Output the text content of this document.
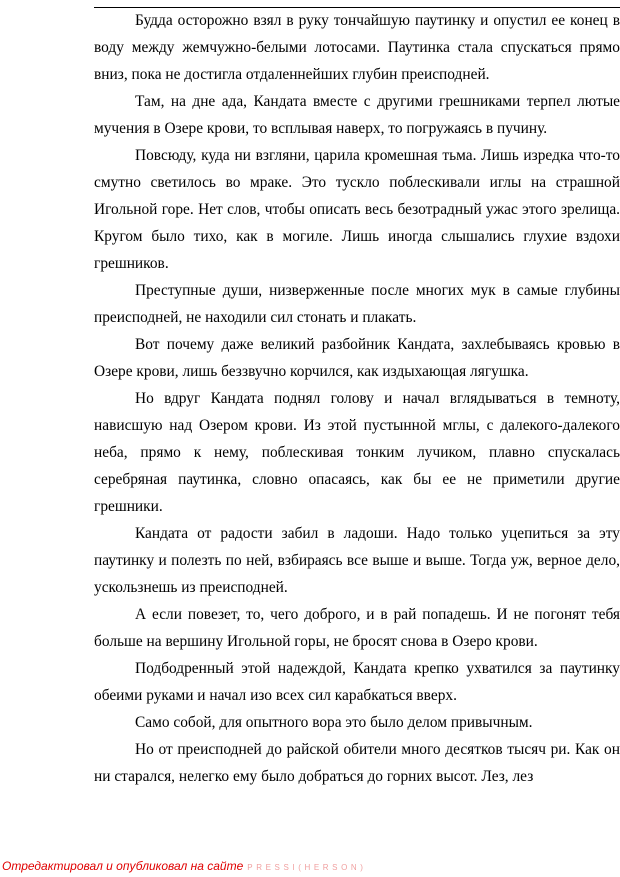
Будда осторожно взял в руку тончайшую паутинку и опустил ее конец в воду между жемчужно-белыми лотосами. Паутинка стала спускаться прямо вниз, пока не достигла отдаленнейших глубин преисподней.

Там, на дне ада, Кандата вместе с другими грешниками терпел лютые мучения в Озере крови, то всплывая наверх, то погружаясь в пучину.

Повсюду, куда ни взгляни, царила кромешная тьма. Лишь изредка что-то смутно светилось во мраке. Это тускло поблескивали иглы на страшной Игольной горе. Нет слов, чтобы описать весь безотрадный ужас этого зрелища. Кругом было тихо, как в могиле. Лишь иногда слышались глухие вздохи грешников.

Преступные души, низверженные после многих мук в самые глубины преисподней, не находили сил стонать и плакать.

Вот почему даже великий разбойник Кандата, захлебываясь кровью в Озере крови, лишь беззвучно корчился, как издыхающая лягушка.

Но вдруг Кандата поднял голову и начал вглядываться в темноту, нависшую над Озером крови. Из этой пустынной мглы, с далекого-далекого неба, прямо к нему, поблескивая тонким лучиком, плавно спускалась серебряная паутинка, словно опасаясь, как бы ее не приметили другие грешники.

Кандата от радости забил в ладоши. Надо только уцепиться за эту паутинку и полезть по ней, взбираясь все выше и выше. Тогда уж, верное дело, ускользнешь из преисподней.

А если повезет, то, чего доброго, и в рай попадешь. И не погонят тебя больше на вершину Игольной горы, не бросят снова в Озеро крови.

Подбодренный этой надеждой, Кандата крепко ухватился за паутинку обеими руками и начал изо всех сил карабкаться вверх.

Само собой, для опытного вора это было делом привычным.

Но от преисподней до райской обители много десятков тысяч ри. Как он ни старался, нелегко ему было добраться до горних высот. Лез, лез

Отредактировал и опубликовал на сайте PRESSI(HERSON)
